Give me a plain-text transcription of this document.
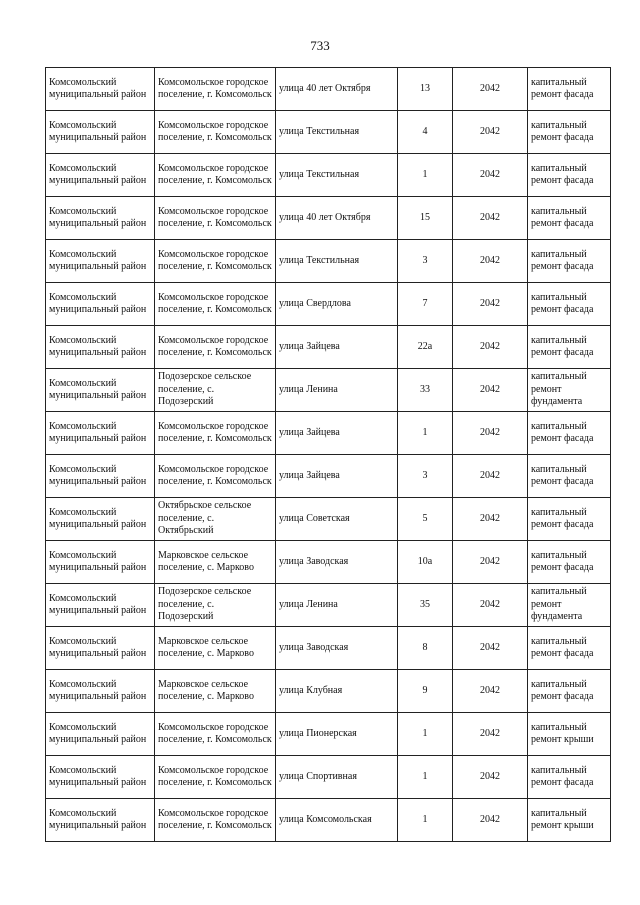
733
Комсомольский муниципальный район	Комсомольское городское поселение, г. Комсомольск	улица 40 лет Октября	13	2042	капитальный ремонт фасада
Комсомольский муниципальный район	Комсомольское городское поселение, г. Комсомольск	улица Текстильная	4	2042	капитальный ремонт фасада
Комсомольский муниципальный район	Комсомольское городское поселение, г. Комсомольск	улица Текстильная	1	2042	капитальный ремонт фасада
Комсомольский муниципальный район	Комсомольское городское поселение, г. Комсомольск	улица 40 лет Октября	15	2042	капитальный ремонт фасада
Комсомольский муниципальный район	Комсомольское городское поселение, г. Комсомольск	улица Текстильная	3	2042	капитальный ремонт фасада
Комсомольский муниципальный район	Комсомольское городское поселение, г. Комсомольск	улица Свердлова	7	2042	капитальный ремонт фасада
Комсомольский муниципальный район	Комсомольское городское поселение, г. Комсомольск	улица Зайцева	22а	2042	капитальный ремонт фасада
Комсомольский муниципальный район	Подозерское сельское поселение, с. Подозерский	улица Ленина	33	2042	капитальный ремонт фундамента
Комсомольский муниципальный район	Комсомольское городское поселение, г. Комсомольск	улица Зайцева	1	2042	капитальный ремонт фасада
Комсомольский муниципальный район	Комсомольское городское поселение, г. Комсомольск	улица Зайцева	3	2042	капитальный ремонт фасада
Комсомольский муниципальный район	Октябрьское сельское поселение, с. Октябрьский	улица Советская	5	2042	капитальный ремонт фасада
Комсомольский муниципальный район	Марковское сельское поселение, с. Марково	улица Заводская	10а	2042	капитальный ремонт фасада
Комсомольский муниципальный район	Подозерское сельское поселение, с. Подозерский	улица Ленина	35	2042	капитальный ремонт фундамента
Комсомольский муниципальный район	Марковское сельское поселение, с. Марково	улица Заводская	8	2042	капитальный ремонт фасада
Комсомольский муниципальный район	Марковское сельское поселение, с. Марково	улица Клубная	9	2042	капитальный ремонт фасада
Комсомольский муниципальный район	Комсомольское городское поселение, г. Комсомольск	улица Пионерская	1	2042	капитальный ремонт крыши
Комсомольский муниципальный район	Комсомольское городское поселение, г. Комсомольск	улица Спортивная	1	2042	капитальный ремонт фасада
Комсомольский муниципальный район	Комсомольское городское поселение, г. Комсомольск	улица Комсомольская	1	2042	капитальный ремонт крыши
